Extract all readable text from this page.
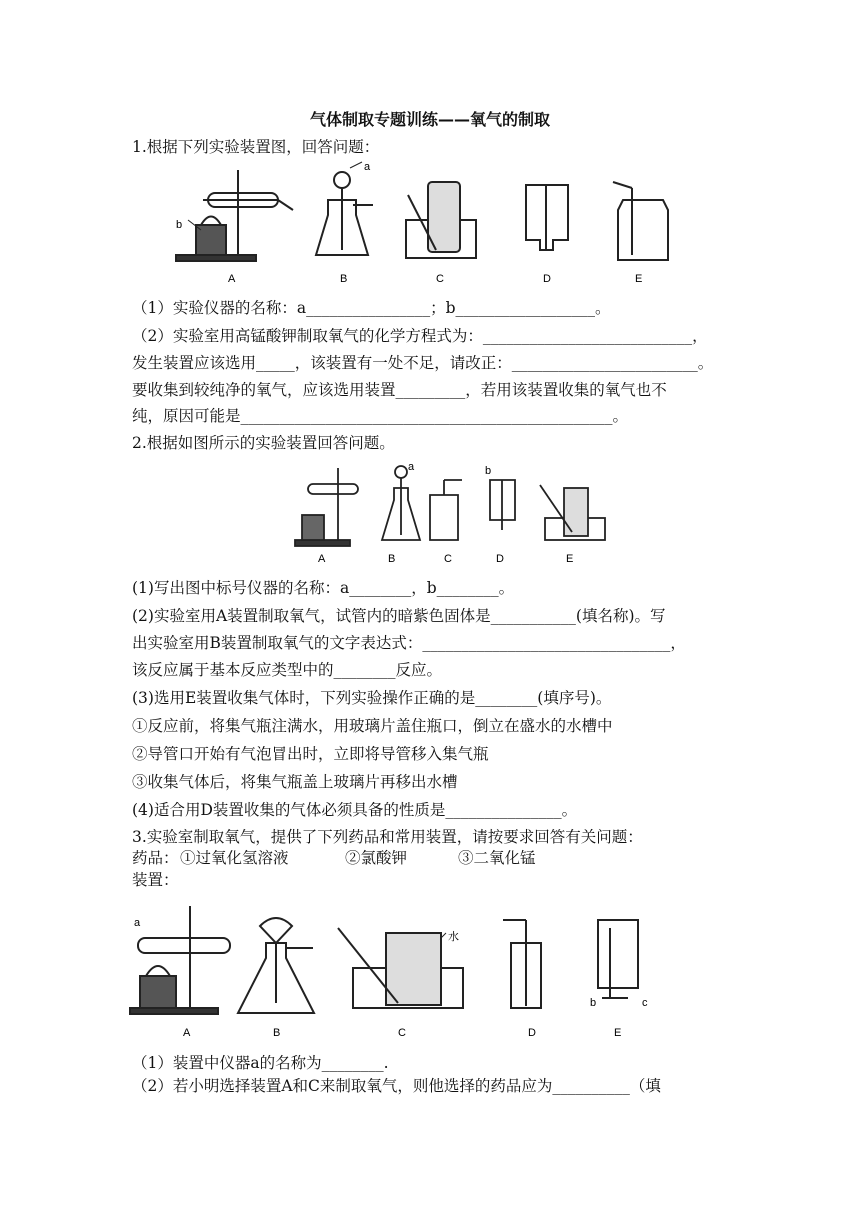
气体制取专题训练——氧气的制取
1.根据下列实验装置图，回答问题：
A	B	C	D	E
a
b
（1）实验仪器的名称：a________________；b__________________。
（2）实验室用高锰酸钾制取氧气的化学方程式为：___________________________，
发生装置应该选用_____，该装置有一处不足，请改正：________________________。
要收集到较纯净的氧气，应该选用装置_________，若用该装置收集的氧气也不
纯，原因可能是________________________________________________。
2.根据如图所示的实验装置回答问题。
A	B	C	D	E
a	b
(1)写出图中标号仪器的名称：a________，b________。
(2)实验室用A装置制取氧气，试管内的暗紫色固体是___________(填名称)。写
出实验室用B装置制取氧气的文字表达式：________________________________，
该反应属于基本反应类型中的________反应。
(3)选用E装置收集气体时，下列实验操作正确的是________(填序号)。
①反应前，将集气瓶注满水，用玻璃片盖住瓶口，倒立在盛水的水槽中
②导管口开始有气泡冒出时，立即将导管移入集气瓶
③收集气体后，将集气瓶盖上玻璃片再移出水槽
(4)适合用D装置收集的气体必须具备的性质是_______________。
3.实验室制取氧气，提供了下列药品和常用装置，请按要求回答有关问题：
药品： ①过氧化氢溶液	②氯酸钾	③二氧化锰
装置：
A	B	C	D	E
a
b	c
水
（1）装置中仪器a的名称为________.
（2）若小明选择装置A和C来制取氧气，则他选择的药品应为__________（填
